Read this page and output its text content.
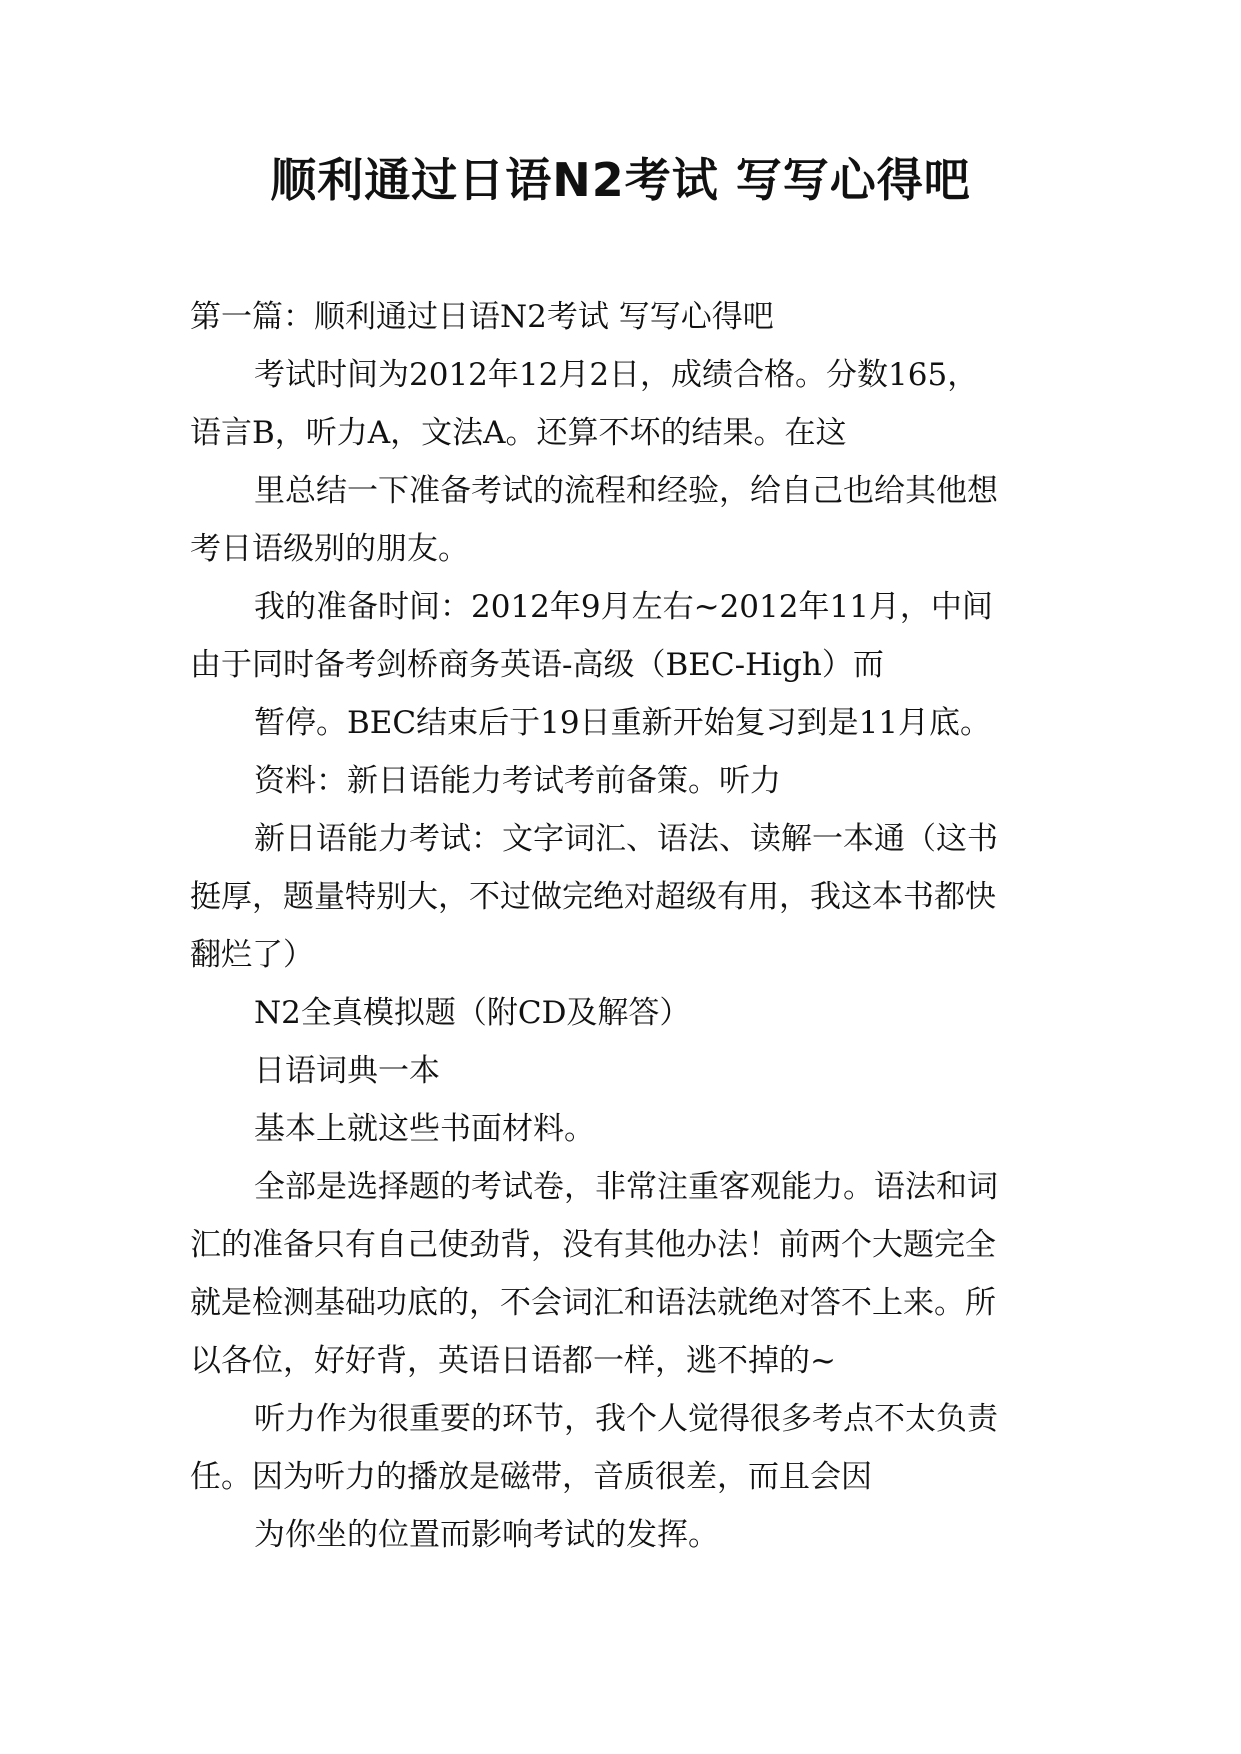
顺利通过日语N2考试 写写心得吧

第一篇：顺利通过日语N2考试 写写心得吧

考试时间为2012年12月2日，成绩合格。分数165，

语言B，听力A，文法A。还算不坏的结果。在这

里总结一下准备考试的流程和经验，给自己也给其他想

考日语级别的朋友。

我的准备时间：2012年9月左右~2012年11月，中间

由于同时备考剑桥商务英语-高级（BEC-High）而

暂停。BEC结束后于19日重新开始复习到是11月底。

资料：新日语能力考试考前备策。听力

新日语能力考试：文字词汇、语法、读解一本通（这书

挺厚，题量特别大，不过做完绝对超级有用，我这本书都快

翻烂了）

N2全真模拟题（附CD及解答）

日语词典一本

基本上就这些书面材料。

全部是选择题的考试卷，非常注重客观能力。语法和词

汇的准备只有自己使劲背，没有其他办法！前两个大题完全

就是检测基础功底的，不会词汇和语法就绝对答不上来。所

以各位，好好背，英语日语都一样，逃不掉的~

听力作为很重要的环节，我个人觉得很多考点不太负责

任。因为听力的播放是磁带，音质很差，而且会因

为你坐的位置而影响考试的发挥。
